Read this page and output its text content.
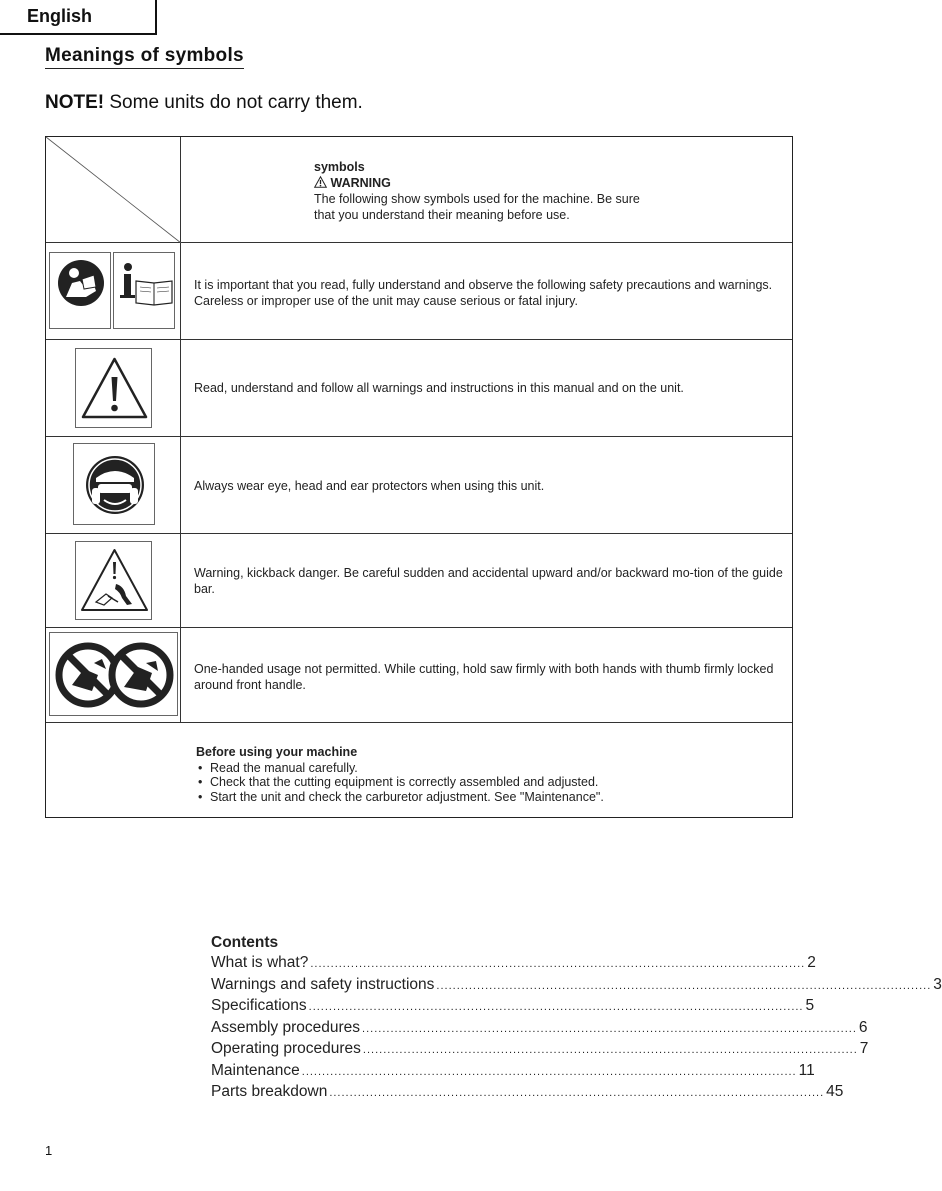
English
Meanings of symbols
NOTE! Some units do not carry them.
symbols
WARNING
The following show symbols used for the machine. Be sure
that you understand their meaning before use.
It is important that you read, fully understand and observe the following safety precautions and warnings. Careless or improper use of the unit may cause serious or fatal injury.
Read, understand and follow all warnings and instructions in this manual and on the unit.
Always wear eye, head and ear protectors when using this unit.
Warning, kickback danger. Be careful sudden and accidental upward and/or backward mo-tion of the guide bar.
One-handed usage not permitted. While cutting, hold saw firmly with both hands with thumb firmly locked around front handle.
Before using your machine
• Read the manual carefully.
• Check that the cutting equipment is correctly assembled and adjusted.
• Start the unit and check the carburetor adjustment. See "Maintenance".
Contents
What is what? .......................................................................................................................... 2
Warnings and safety instructions .......................................................................................................................... 3
Specifications .......................................................................................................................... 5
Assembly procedures .......................................................................................................................... 6
Operating procedures .......................................................................................................................... 7
Maintenance .......................................................................................................................... 11
Parts breakdown .......................................................................................................................... 45
1
